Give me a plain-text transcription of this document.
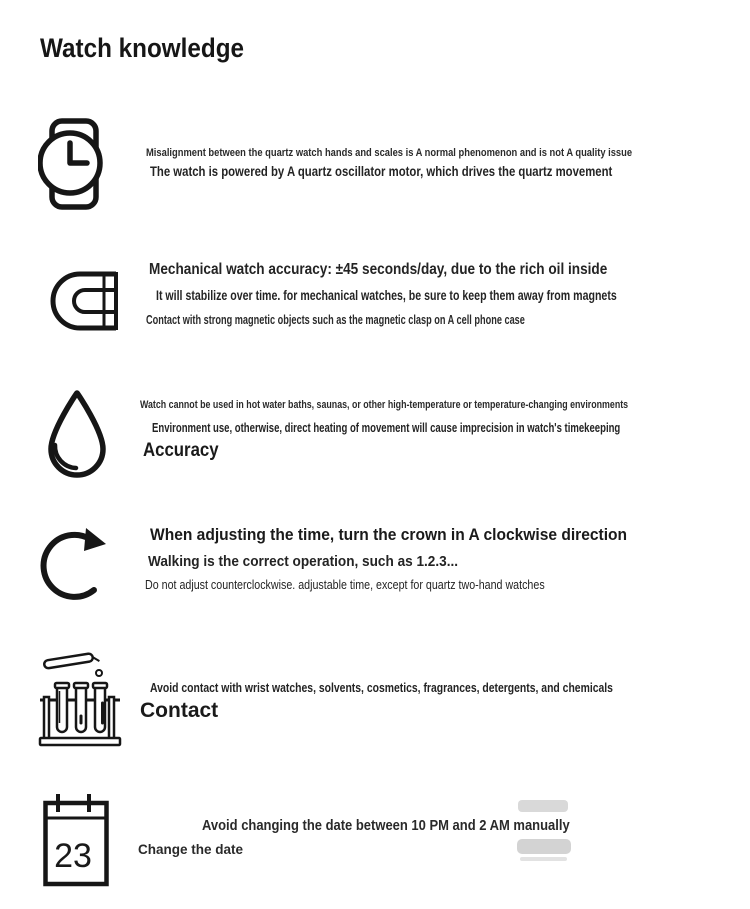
Watch knowledge
Misalignment between the quartz watch hands and scales is A normal phenomenon and is not A quality issue
The watch is powered by A quartz oscillator motor, which drives the quartz movement
Mechanical watch accuracy: ±45 seconds/day, due to the rich oil inside
It will stabilize over time. for mechanical watches, be sure to keep them away from magnets
Contact with strong magnetic objects such as the magnetic clasp on A cell phone case
Watch cannot be used in hot water baths, saunas, or other high-temperature or temperature-changing environments
Environment use, otherwise, direct heating of movement will cause imprecision in watch's timekeeping
Accuracy
When adjusting the time, turn the crown in A clockwise direction
Walking is the correct operation, such as 1.2.3...
Do not adjust counterclockwise. adjustable time, except for quartz two-hand watches
Avoid contact with wrist watches, solvents, cosmetics, fragrances, detergents, and chemicals
Contact
23
Avoid changing the date between 10 PM and 2 AM manually
Change the date
